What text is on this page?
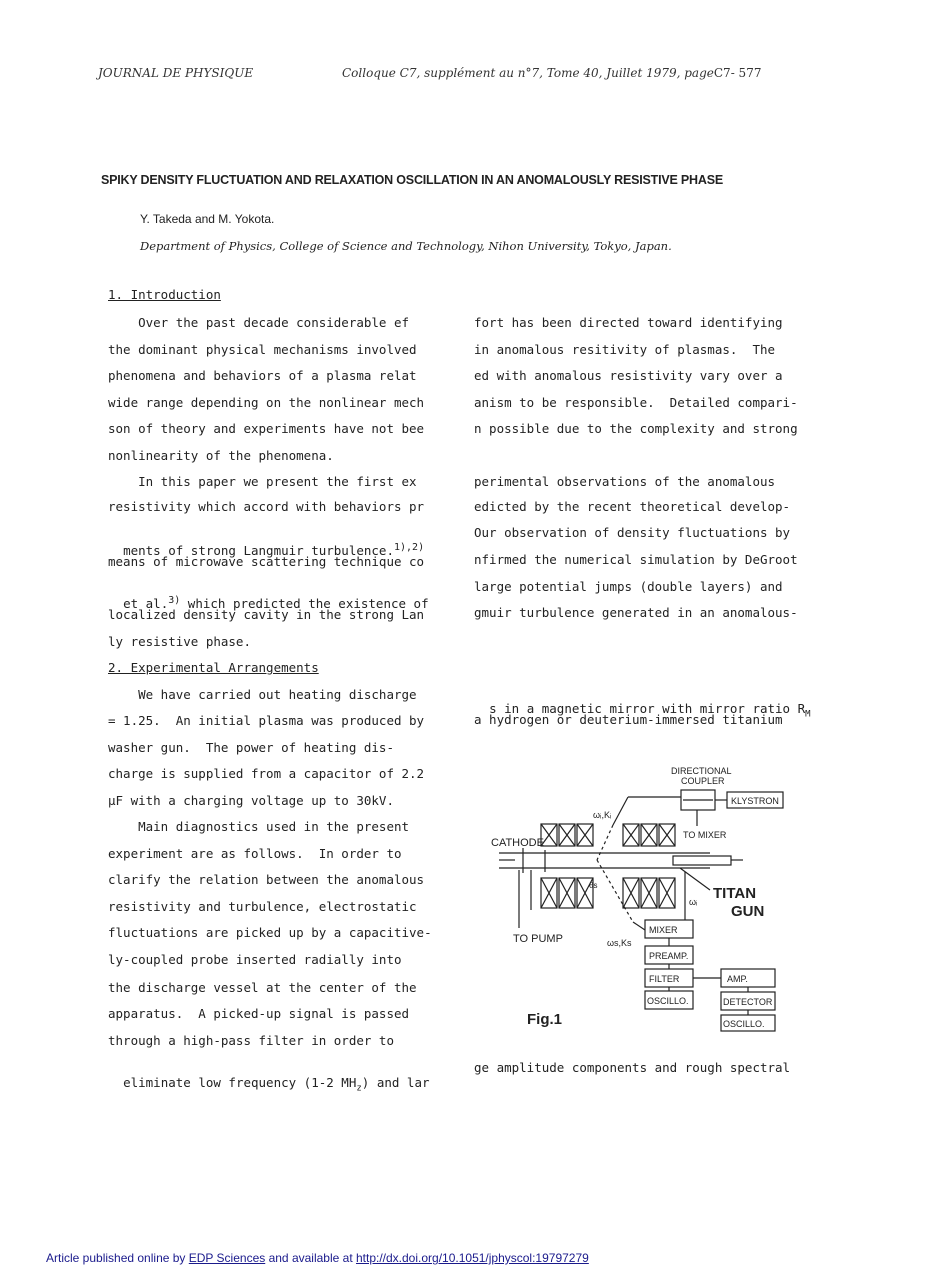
JOURNAL DE PHYSIQUE	Colloque C7, supplément au n°7, Tome 40, Juillet 1979, pageC7- 577
SPIKY DENSITY FLUCTUATION AND RELAXATION OSCILLATION IN AN ANOMALOUSLY RESISTIVE PHASE
Y. Takeda and M. Yokota.
Department of Physics, College of Science and Technology, Nihon University, Tokyo, Japan.
1. Introduction
Over the past decade considerable ef
the dominant physical mechanisms involved
phenomena and behaviors of a plasma relat
wide range depending on the nonlinear mech
son of theory and experiments have not bee
nonlinearity of the phenomena.
In this paper we present the first ex
resistivity which accord with behaviors pr

ments of strong Langmuir turbulence.$^{1),2)}$

means of microwave scattering technique co

et al.$^{3)}$ which predicted the existence of

localized density cavity in the strong Lan
ly resistive phase.
2. Experimental Arrangements
We have carried out heating discharge
= 1.25.  An initial plasma was produced by
washer gun.  The power of heating dis-
charge is supplied from a capacitor of 2.2
μF with a charging voltage up to 30kV.
Main diagnostics used in the present
experiment are as follows.  In order to
clarify the relation between the anomalous
resistivity and turbulence, electrostatic
fluctuations are picked up by a capacitive-
ly-coupled probe inserted radially into
the discharge vessel at the center of the
apparatus.  A picked-up signal is passed
through a high-pass filter in order to

eliminate low frequency (1-2 $MH_z$) and lar

fort has been directed toward identifying
in anomalous resitivity of plasmas.  The
ed with anomalous resistivity vary over a
anism to be responsible.  Detailed compari-
n possible due to the complexity and strong
perimental observations of the anomalous
edicted by the recent theoretical develop-
Our observation of density fluctuations by
nfirmed the numerical simulation by DeGroot
large potential jumps (double layers) and
gmuir turbulence generated in an anomalous-

s in a magnetic mirror with mirror ratio $R_M$

a hydrogen or deuterium-immersed titanium
ge amplitude components and rough spectral
DIRECTIONAL
COUPLER
KLYSTRON
TO MIXER
CATHODE
TITAN
GUN
TO PUMP
MIXER
PREAMP.
FILTER
OSCILLO.
AMP.
DETECTOR
OSCILLO.
ωᵢ,Kᵢ
ωᵢ
ωs,Ks
θs
Fig.1
Article published online by EDP Sciences and available at http://dx.doi.org/10.1051/jphyscol:19797279
